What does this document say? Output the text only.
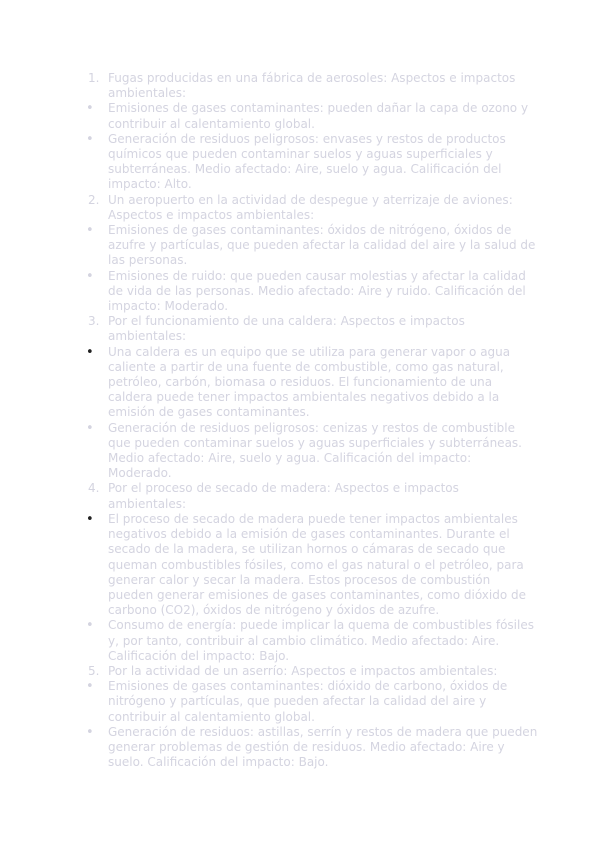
1. Fugas producidas en una fábrica de aerosoles: Aspectos e impactos ambientales:
•	Emisiones de gases contaminantes: pueden dañar la capa de ozono y contribuir al calentamiento global.
•	Generación de residuos peligrosos: envases y restos de productos químicos que pueden contaminar suelos y aguas superficiales y subterráneas. Medio afectado: Aire, suelo y agua. Calificación del impacto: Alto.
2. Un aeropuerto en la actividad de despegue y aterrizaje de aviones: Aspectos e impactos ambientales:
•	Emisiones de gases contaminantes: óxidos de nitrógeno, óxidos de azufre y partículas, que pueden afectar la calidad del aire y la salud de las personas.
•	Emisiones de ruido: que pueden causar molestias y afectar la calidad de vida de las personas. Medio afectado: Aire y ruido. Calificación del impacto: Moderado.
3. Por el funcionamiento de una caldera: Aspectos e impactos ambientales:
•	Una caldera es un equipo que se utiliza para generar vapor o agua caliente a partir de una fuente de combustible, como gas natural, petróleo, carbón, biomasa o residuos. El funcionamiento de una caldera puede tener impactos ambientales negativos debido a la emisión de gases contaminantes.
•	Generación de residuos peligrosos: cenizas y restos de combustible que pueden contaminar suelos y aguas superficiales y subterráneas. Medio afectado: Aire, suelo y agua. Calificación del impacto: Moderado.
4. Por el proceso de secado de madera: Aspectos e impactos ambientales:
•	El proceso de secado de madera puede tener impactos ambientales negativos debido a la emisión de gases contaminantes. Durante el secado de la madera, se utilizan hornos o cámaras de secado que queman combustibles fósiles, como el gas natural o el petróleo, para generar calor y secar la madera. Estos procesos de combustión pueden generar emisiones de gases contaminantes, como dióxido de carbono (CO2), óxidos de nitrógeno y óxidos de azufre.
•	Consumo de energía: puede implicar la quema de combustibles fósiles y, por tanto, contribuir al cambio climático. Medio afectado: Aire. Calificación del impacto: Bajo.
5. Por la actividad de un aserrío: Aspectos e impactos ambientales:
•	Emisiones de gases contaminantes: dióxido de carbono, óxidos de nitrógeno y partículas, que pueden afectar la calidad del aire y contribuir al calentamiento global.
•	Generación de residuos: astillas, serrín y restos de madera que pueden generar problemas de gestión de residuos. Medio afectado: Aire y suelo. Calificación del impacto: Bajo.
